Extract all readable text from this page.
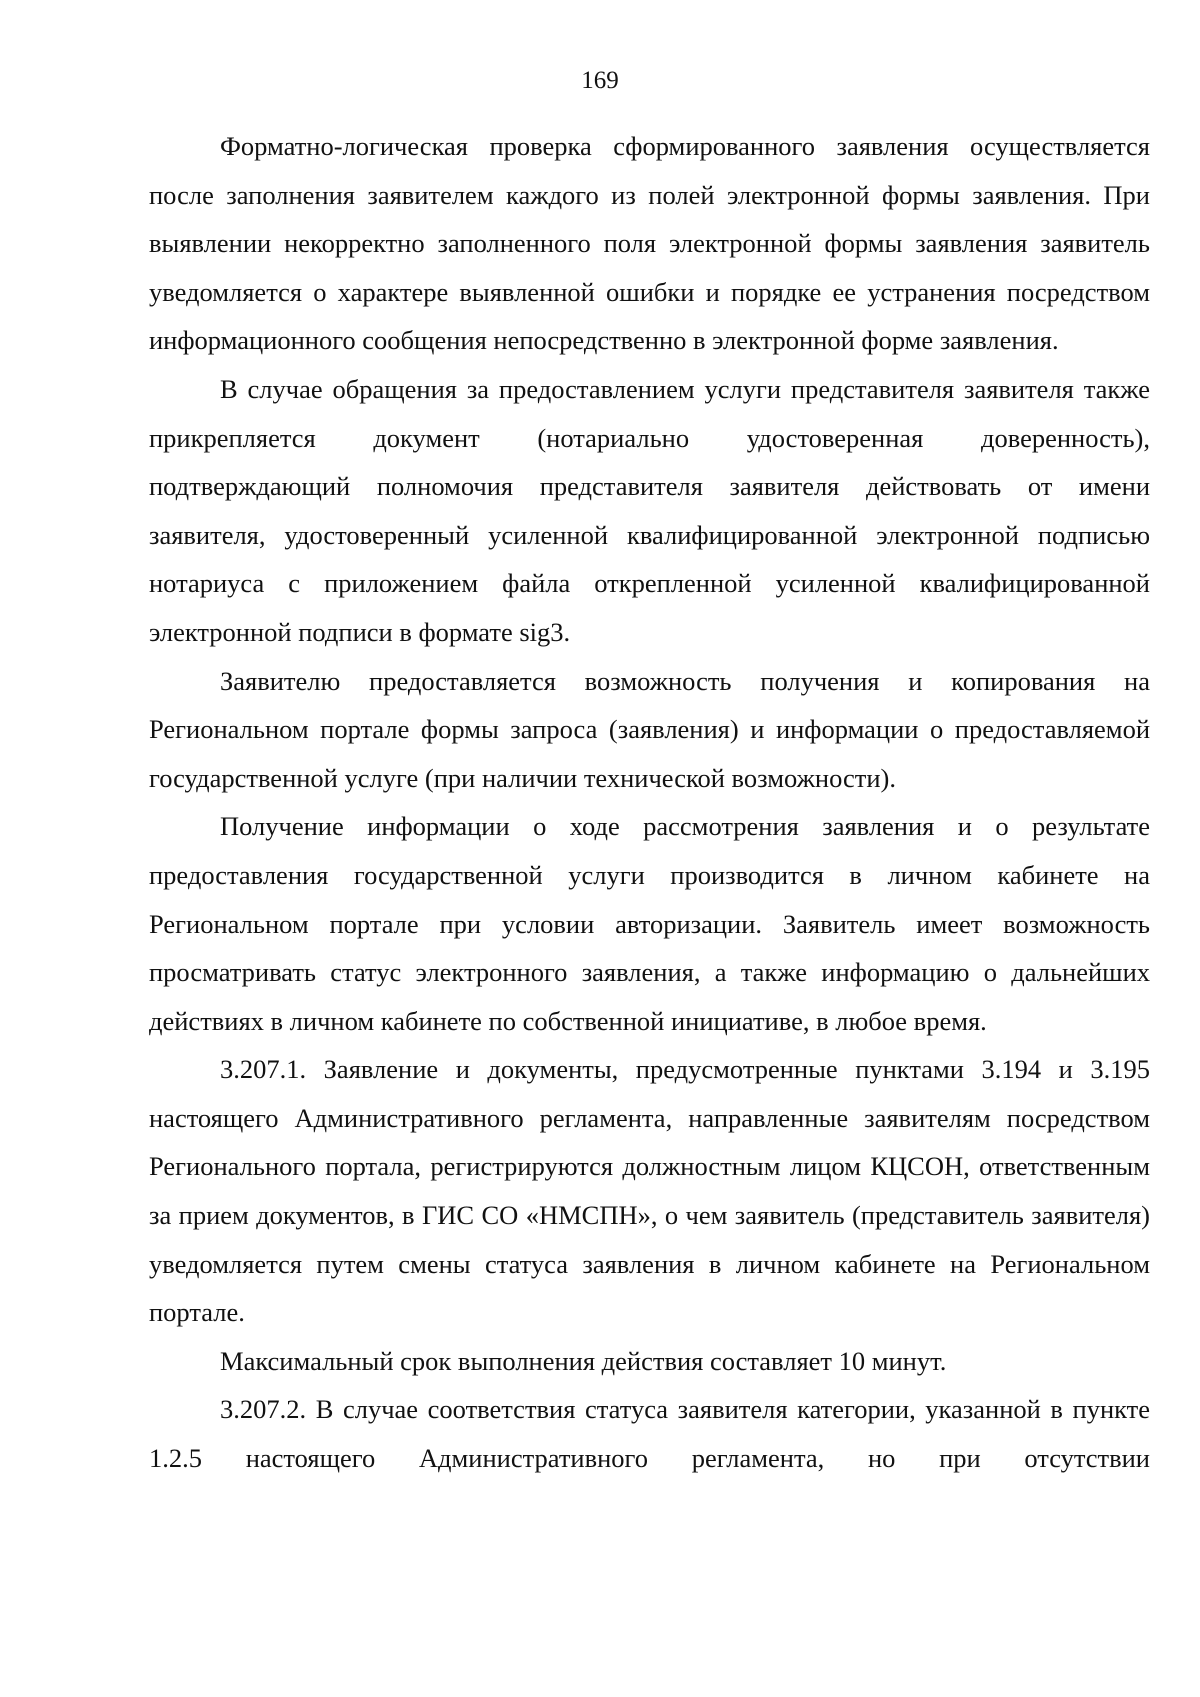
169

Форматно-логическая проверка сформированного заявления осуществляется после заполнения заявителем каждого из полей электронной формы заявления. При выявлении некорректно заполненного поля электронной формы заявления заявитель уведомляется о характере выявленной ошибки и порядке ее устранения посредством информационного сообщения непосредственно в электронной форме заявления.

В случае обращения за предоставлением услуги представителя заявителя также прикрепляется документ (нотариально удостоверенная доверенность), подтверждающий полномочия представителя заявителя действовать от имени заявителя, удостоверенный усиленной квалифицированной электронной подписью нотариуса с приложением файла открепленной усиленной квалифицированной электронной подписи в формате sig3.

Заявителю предоставляется возможность получения и копирования на Региональном портале формы запроса (заявления) и информации о предоставляемой государственной услуге (при наличии технической возможности).

Получение информации о ходе рассмотрения заявления и о результате предоставления государственной услуги производится в личном кабинете на Региональном портале при условии авторизации. Заявитель имеет возможность просматривать статус электронного заявления, а также информацию о дальнейших действиях в личном кабинете по собственной инициативе, в любое время.

3.207.1. Заявление и документы, предусмотренные пунктами 3.194 и 3.195 настоящего Административного регламента, направленные заявителям посредством Регионального портала, регистрируются должностным лицом КЦСОН, ответственным за прием документов, в ГИС СО «НМСПН», о чем заявитель (представитель заявителя) уведомляется путем смены статуса заявления в личном кабинете на Региональном портале.

Максимальный срок выполнения действия составляет 10 минут.

3.207.2. В случае соответствия статуса заявителя категории, указанной в пункте 1.2.5 настоящего Административного регламента, но при отсутствии
